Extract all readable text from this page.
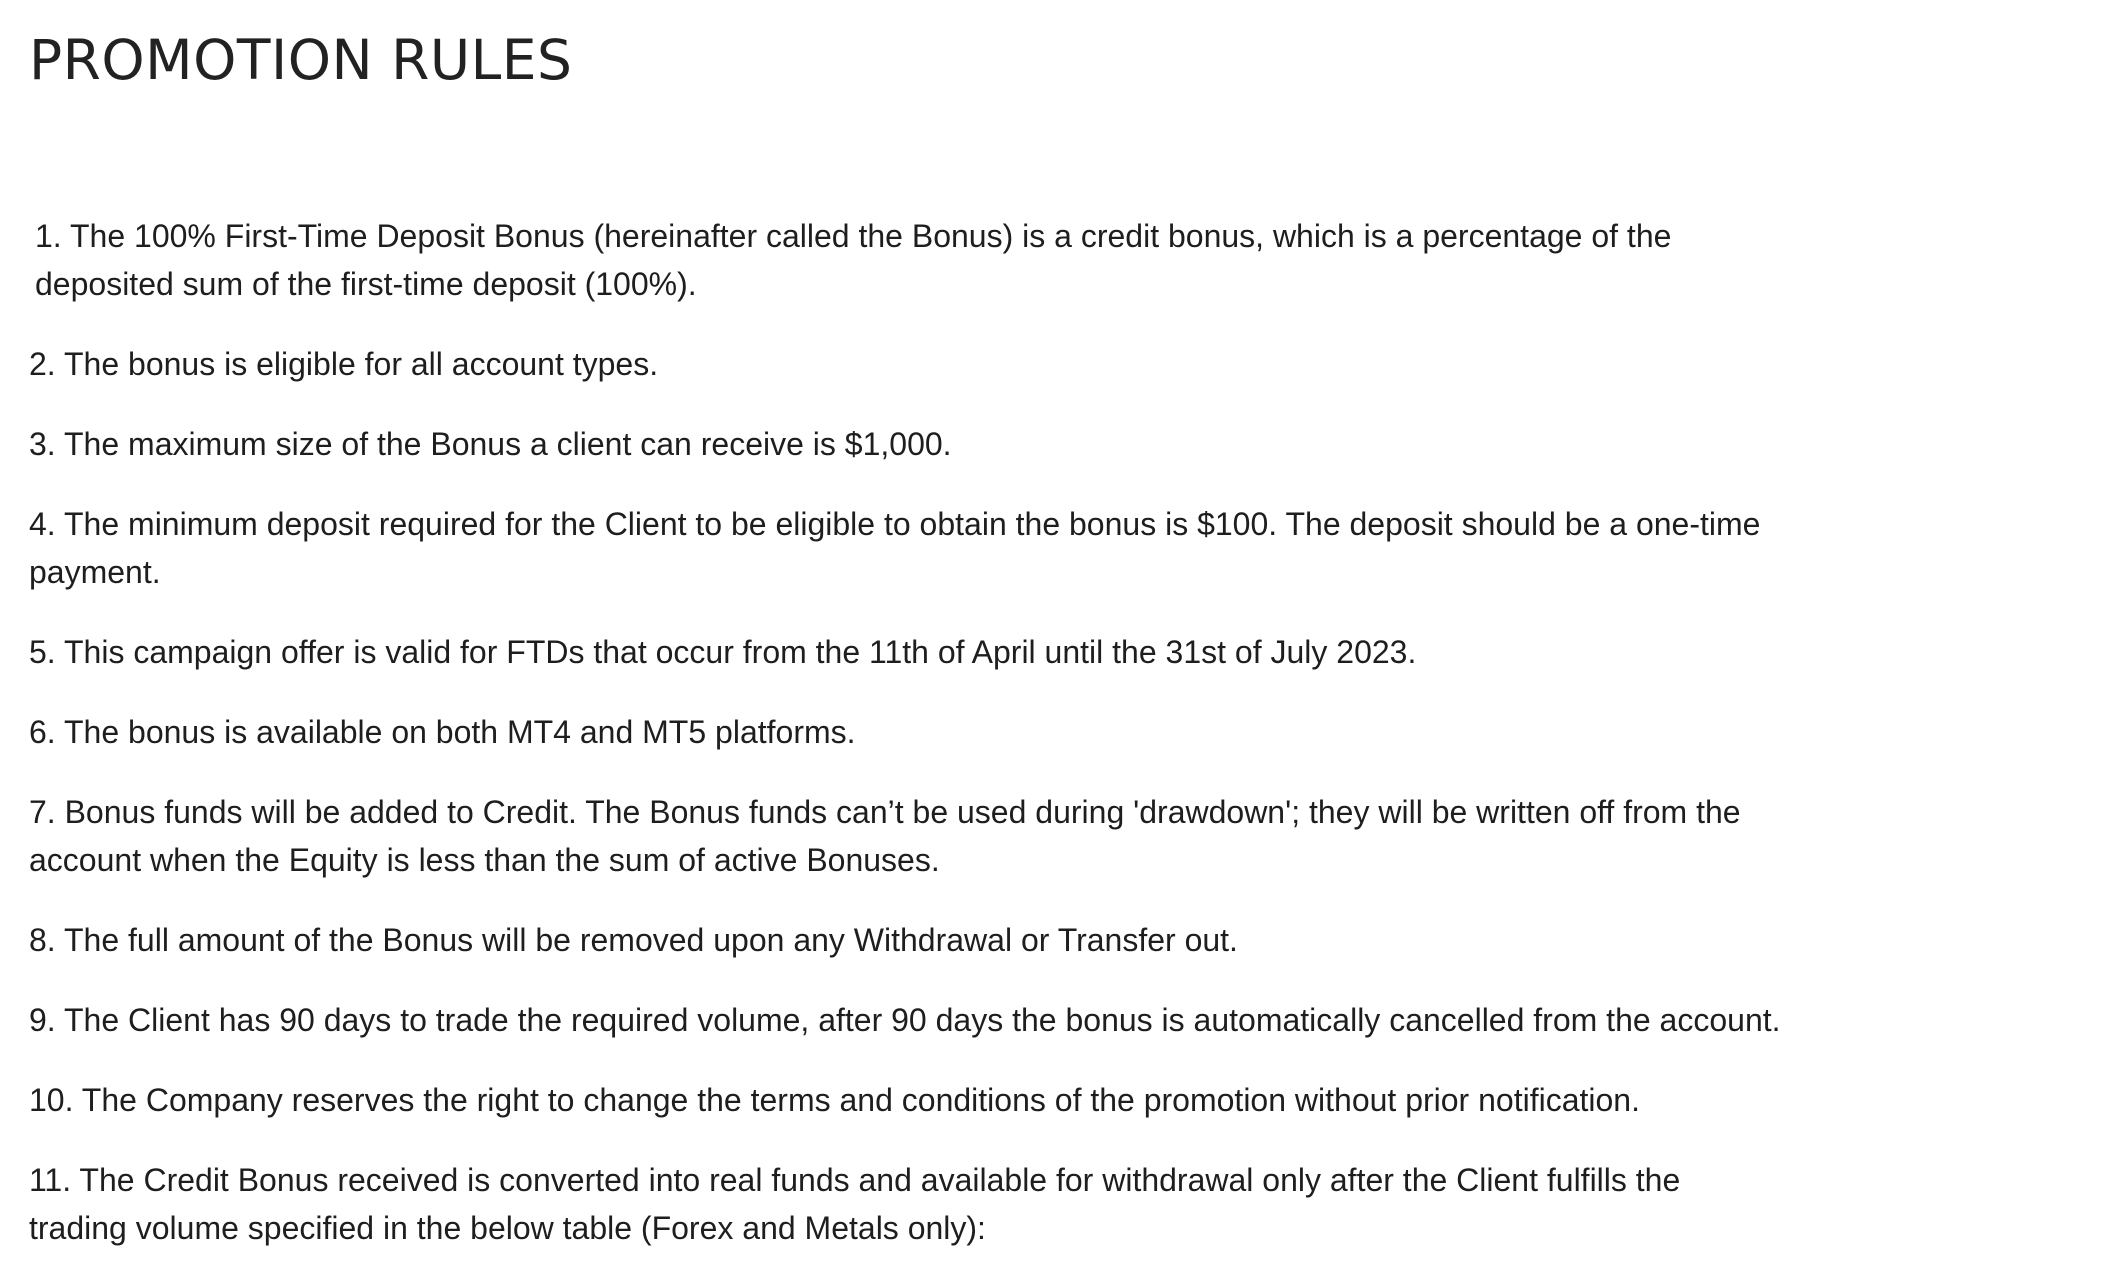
PROMOTION RULES
1. The 100% First-Time Deposit Bonus (hereinafter called the Bonus) is a credit bonus, which is a percentage of the
deposited sum of the first-time deposit (100%).
2. The bonus is eligible for all account types.
3. The maximum size of the Bonus a client can receive is $1,000.
4. The minimum deposit required for the Client to be eligible to obtain the bonus is $100. The deposit should be a one-time
payment.
5. This campaign offer is valid for FTDs that occur from the 11th of April until the 31st of July 2023.
6. The bonus is available on both MT4 and MT5 platforms.
7. Bonus funds will be added to Credit. The Bonus funds can’t be used during 'drawdown'; they will be written off from the
account when the Equity is less than the sum of active Bonuses.
8. The full amount of the Bonus will be removed upon any Withdrawal or Transfer out.
9. The Client has 90 days to trade the required volume, after 90 days the bonus is automatically cancelled from the account.
10. The Company reserves the right to change the terms and conditions of the promotion without prior notification.
11. The Credit Bonus received is converted into real funds and available for withdrawal only after the Client fulfills the
trading volume specified in the below table (Forex and Metals only):
